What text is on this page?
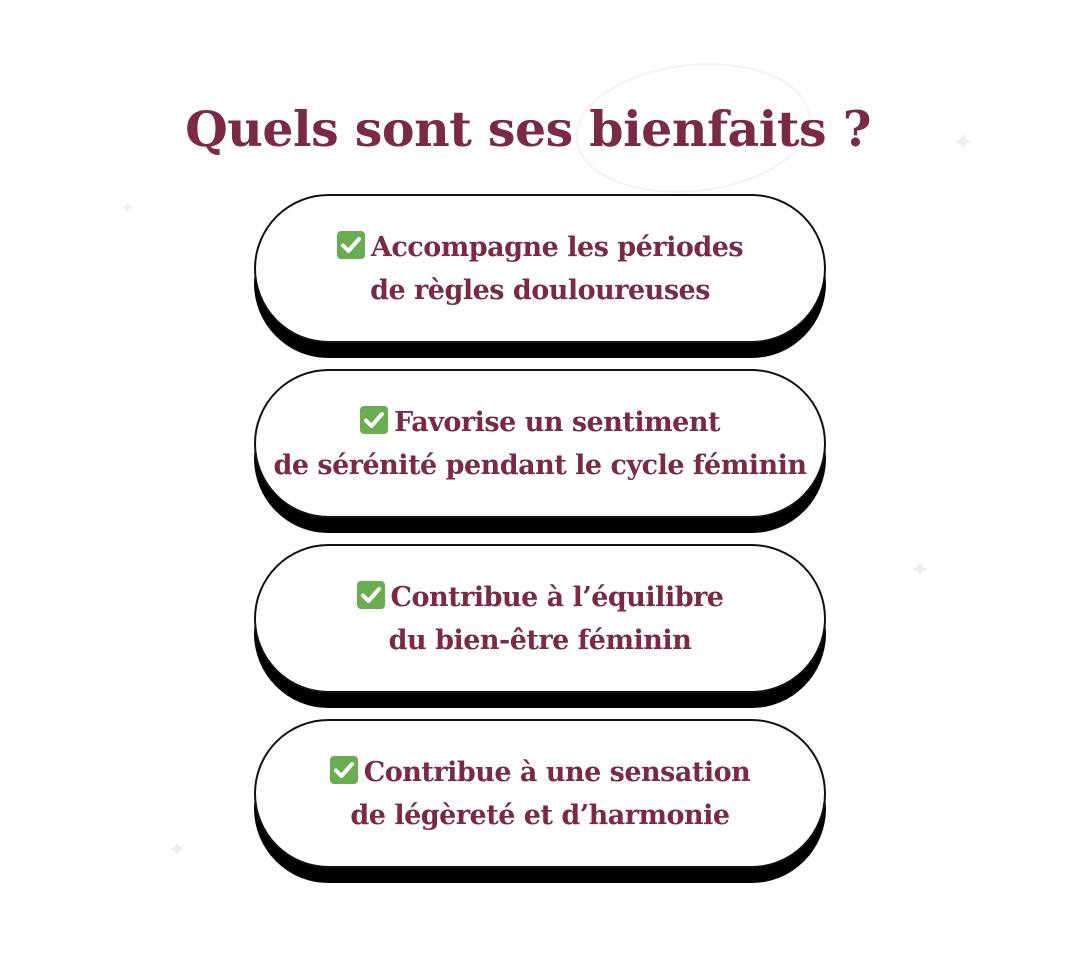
✦
✦
✦
✦
Quels sont ses bienfaits ?
Accompagne les périodes
de règles douloureuses
Favorise un sentiment
de sérénité pendant le cycle féminin
Contribue à l’équilibre
du bien-être féminin
Contribue à une sensation
de légèreté et d’harmonie
